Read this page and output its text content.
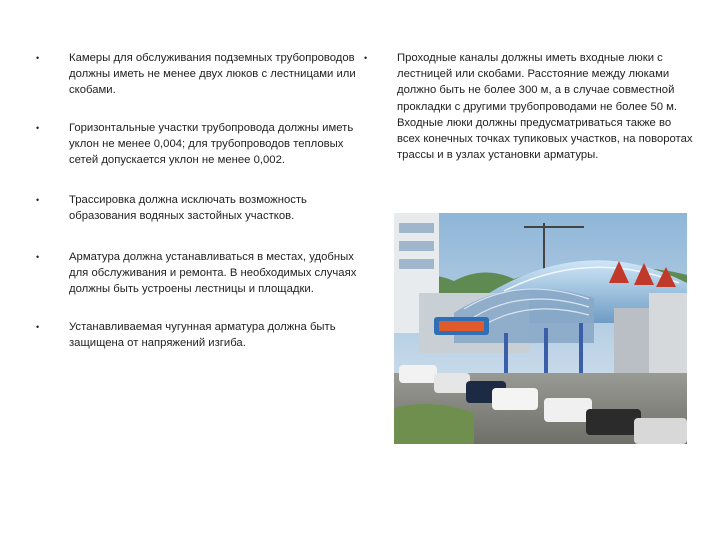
•	Камеры для обслуживания подземных трубопроводов должны иметь не менее двух люков с лестницами или скобами.
•	Горизонтальные участки трубопровода должны иметь уклон не менее 0,004; для трубопроводов тепловых сетей допускается уклон не менее 0,002.
•	Трассировка должна исключать возможность образования водяных застойных участков.
•	Арматура должна устанавливаться в местах, удобных для обслуживания и ремонта. В необходимых случаях должны быть устроены лестницы и площадки.
•	Устанавливаемая чугунная арматура должна быть защищена от напряжений изгиба.
•	Проходные каналы должны иметь входные люки с лестницей или скобами. Расстояние между люками должно быть не более 300 м, а в случае совместной прокладки с другими трубопроводами не более 50 м. Входные люки должны предусматриваться также во всех конечных точках тупиковых участков, на поворотах трассы и в узлах установки арматуры.
